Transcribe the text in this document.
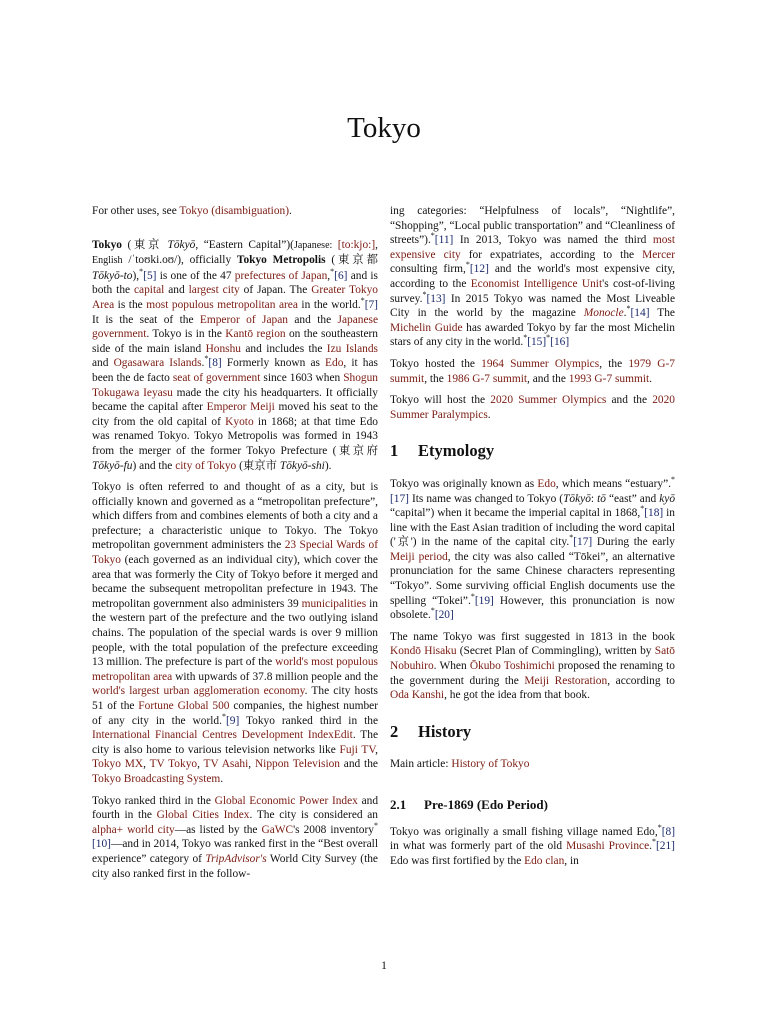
Tokyo

For other uses, see Tokyo (disambiguation).

Tokyo (東京 Tōkyō, “Eastern Capital”)(Japanese: [to:kjo:], English /ˈtoʊki.oʊ/), officially Tokyo Metropolis (東京都 Tōkyō-to),*[5] is one of the 47 prefectures of Japan,*[6] and is both the capital and largest city of Japan. The Greater Tokyo Area is the most populous metropolitan area in the world.*[7] It is the seat of the Emperor of Japan and the Japanese government. Tokyo is in the Kantō region on the southeastern side of the main island Honshu and includes the Izu Islands and Ogasawara Islands.*[8] Formerly known as Edo, it has been the de facto seat of government since 1603 when Shogun Tokugawa Ieyasu made the city his headquarters. It officially became the capital after Emperor Meiji moved his seat to the city from the old capital of Kyoto in 1868; at that time Edo was renamed Tokyo. Tokyo Metropolis was formed in 1943 from the merger of the former Tokyo Prefecture (東京府 Tōkyō-fu) and the city of Tokyo (東京市 Tōkyō-shi).

Tokyo is often referred to and thought of as a city, but is officially known and governed as a “metropolitan prefecture”, which differs from and combines elements of both a city and a prefecture; a characteristic unique to Tokyo. The Tokyo metropolitan government administers the 23 Special Wards of Tokyo (each governed as an individual city), which cover the area that was formerly the City of Tokyo before it merged and became the subsequent metropolitan prefecture in 1943. The metropolitan government also administers 39 municipalities in the western part of the prefecture and the two outlying island chains. The population of the special wards is over 9 million people, with the total population of the prefecture exceeding 13 million. The prefecture is part of the world's most populous metropolitan area with upwards of 37.8 million people and the world's largest urban agglomeration economy. The city hosts 51 of the Fortune Global 500 companies, the highest number of any city in the world.*[9] Tokyo ranked third in the International Financial Centres Development IndexEdit. The city is also home to various television networks like Fuji TV, Tokyo MX, TV Tokyo, TV Asahi, Nippon Television and the Tokyo Broadcasting System.

Tokyo ranked third in the Global Economic Power Index and fourth in the Global Cities Index. The city is considered an alpha+ world city—as listed by the GaWC's 2008 inventory*[10]—and in 2014, Tokyo was ranked first in the “Best overall experience” category of TripAdvisor's World City Survey (the city also ranked first in the follow-

ing categories: “Helpfulness of locals”, “Nightlife”, “Shopping”, “Local public transportation” and “Cleanliness of streets”).*[11] In 2013, Tokyo was named the third most expensive city for expatriates, according to the Mercer consulting firm,*[12] and the world's most expensive city, according to the Economist Intelligence Unit's cost-of-living survey.*[13] In 2015 Tokyo was named the Most Liveable City in the world by the magazine Monocle.*[14] The Michelin Guide has awarded Tokyo by far the most Michelin stars of any city in the world.*[15]*[16]

Tokyo hosted the 1964 Summer Olympics, the 1979 G-7 summit, the 1986 G-7 summit, and the 1993 G-7 summit.

Tokyo will host the 2020 Summer Olympics and the 2020 Summer Paralympics.

1 Etymology

Tokyo was originally known as Edo, which means “estuary”.*[17] Its name was changed to Tokyo (Tōkyō: tō “east” and kyō “capital”) when it became the imperial capital in 1868,*[18] in line with the East Asian tradition of including the word capital ('京') in the name of the capital city.*[17] During the early Meiji period, the city was also called “Tōkei”, an alternative pronunciation for the same Chinese characters representing “Tokyo”. Some surviving official English documents use the spelling “Tokei”.*[19] However, this pronunciation is now obsolete.*[20]

The name Tokyo was first suggested in 1813 in the book Kondō Hisaku (Secret Plan of Commingling), written by Satō Nobuhiro. When Ōkubo Toshimichi proposed the renaming to the government during the Meiji Restoration, according to Oda Kanshi, he got the idea from that book.

2 History

Main article: History of Tokyo

2.1 Pre-1869 (Edo Period)

Tokyo was originally a small fishing village named Edo,*[8] in what was formerly part of the old Musashi Province.*[21] Edo was first fortified by the Edo clan, in

1
